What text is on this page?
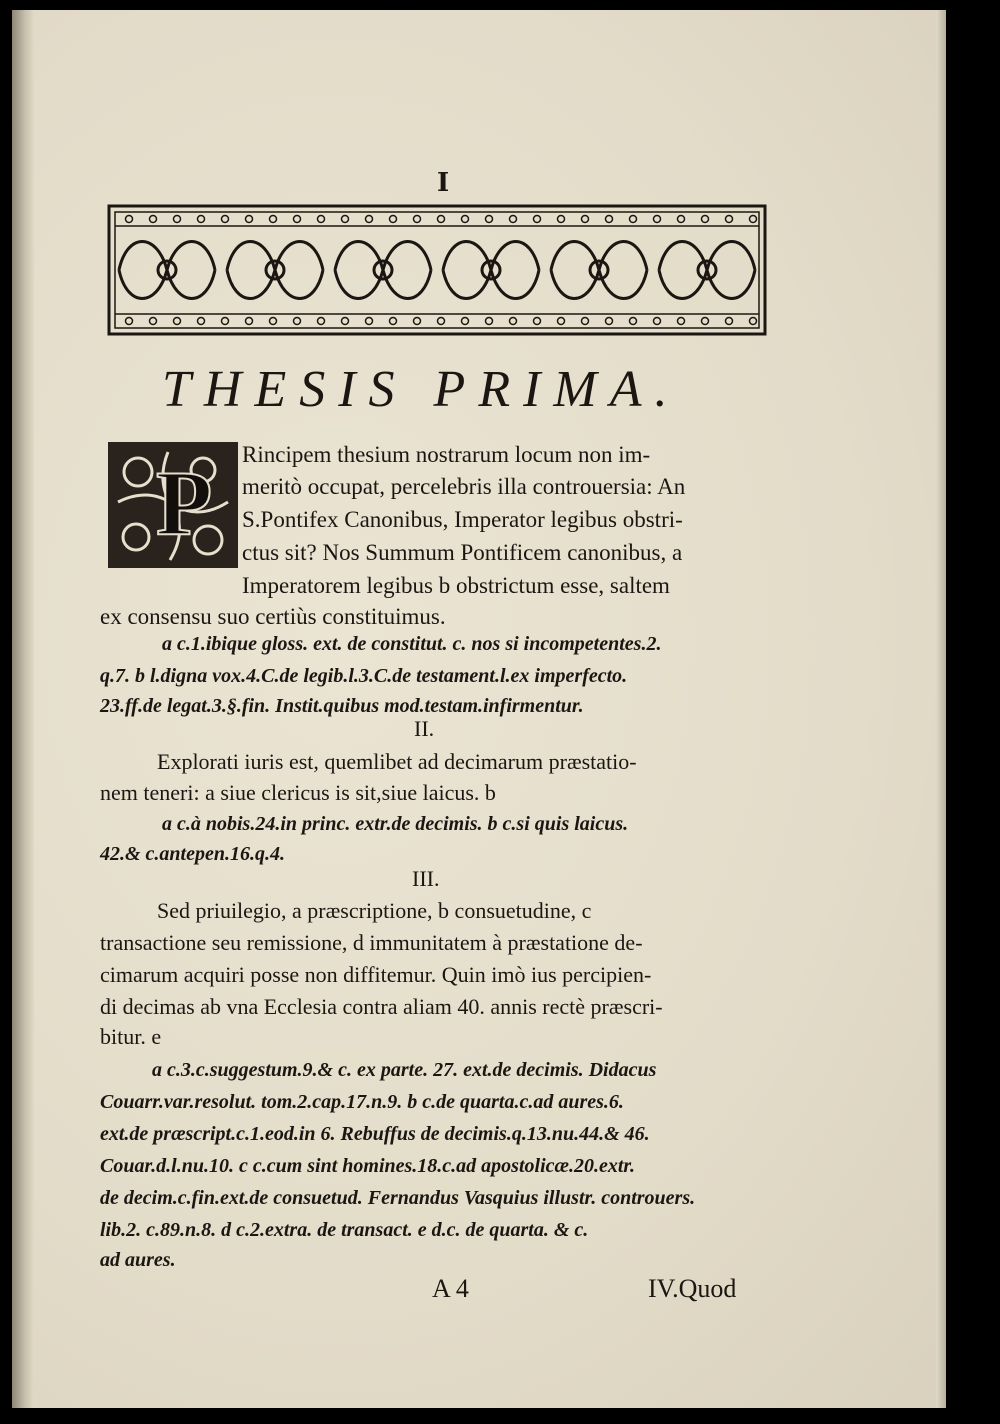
I
THESIS PRIMA.
P Rincipem thesium nostrarum locum non im-
meritò occupat, percelebris illa controuersia: An
S.Pontifex Canonibus, Imperator legibus obstri-
ctus sit? Nos Summum Pontificem canonibus, a
Imperatorem legibus b obstrictum esse, saltem
ex consensu suo certiùs constituimus.
a c.1.ibique gloss. ext. de constitut. c. nos si incompetentes.2.
q.7. b l.digna vox.4.C.de legib.l.3.C.de testament.l.ex imperfecto.
23.ff.de legat.3.§.fin. Instit.quibus mod.testam.infirmentur.
II.
Explorati iuris est, quemlibet ad decimarum præstatio-
nem teneri: a siue clericus is sit,siue laicus. b
a c.à nobis.24.in princ. extr.de decimis. b c.si quis laicus.
42.& c.antepen.16.q.4.
III.
Sed priuilegio, a præscriptione, b consuetudine, c
transactione seu remissione, d immunitatem à præstatione de-
cimarum acquiri posse non diffitemur. Quin imò ius percipien-
di decimas ab vna Ecclesia contra aliam 40. annis rectè præscri-
bitur. e
a c.3.c.suggestum.9.& c. ex parte. 27. ext.de decimis. Didacus
Couarr.var.resolut. tom.2.cap.17.n.9. b c.de quarta.c.ad aures.6.
ext.de præscript.c.1.eod.in 6. Rebuffus de decimis.q.13.nu.44.& 46.
Couar.d.l.nu.10. c c.cum sint homines.18.c.ad apostolicæ.20.extr.
de decim.c.fin.ext.de consuetud. Fernandus Vasquius illustr. controuers.
lib.2. c.89.n.8. d c.2.extra. de transact. e d.c. de quarta. & c.
ad aures.
A 4	IV.Quod
